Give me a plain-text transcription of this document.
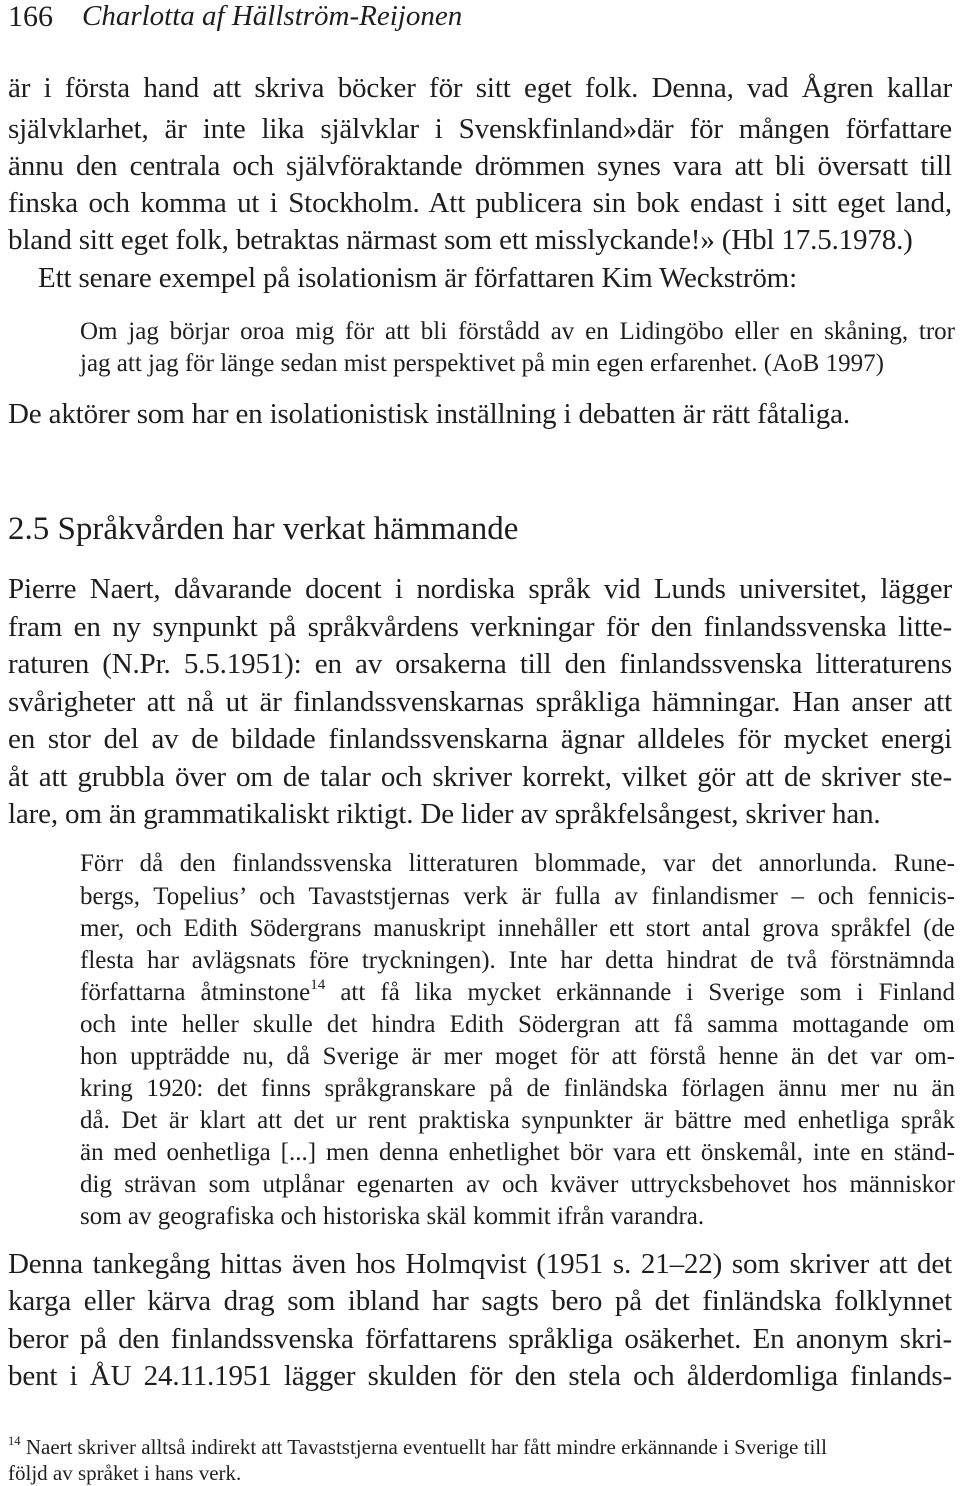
166 Charlotta af Hällström-Reijonen
är i första hand att skriva böcker för sitt eget folk. Denna, vad Ågren kallar
självklarhet, är inte lika självklar i Svenskfinland»där för mången författare
ännu den centrala och självföraktande drömmen synes vara att bli översatt till
finska och komma ut i Stockholm. Att publicera sin bok endast i sitt eget land,
bland sitt eget folk, betraktas närmast som ett misslyckande!» (Hbl 17.5.1978.)
Ett senare exempel på isolationism är författaren Kim Weckström:
Om jag börjar oroa mig för att bli förstådd av en Lidingöbo eller en skåning, tror
jag att jag för länge sedan mist perspektivet på min egen erfarenhet. (AoB 1997)
De aktörer som har en isolationistisk inställning i debatten är rätt fåtaliga.
2.5 Språkvården har verkat hämmande
Pierre Naert, dåvarande docent i nordiska språk vid Lunds universitet, lägger
fram en ny synpunkt på språkvårdens verkningar för den finlandssvenska litte-
raturen (N.Pr. 5.5.1951): en av orsakerna till den finlandssvenska litteraturens
svårigheter att nå ut är finlandssvenskarnas språkliga hämningar. Han anser att
en stor del av de bildade finlandssvenskarna ägnar alldeles för mycket energi
åt att grubbla över om de talar och skriver korrekt, vilket gör att de skriver ste-
lare, om än grammatikaliskt riktigt. De lider av språkfelsångest, skriver han.
Förr då den finlandssvenska litteraturen blommade, var det annorlunda. Rune-
bergs, Topelius’ och Tavaststjernas verk är fulla av finlandismer – och fennicis-
mer, och Edith Södergrans manuskript innehåller ett stort antal grova språkfel (de
flesta har avlägsnats före tryckningen). Inte har detta hindrat de två förstnämnda
författarna åtminstone$^{14}$ att få lika mycket erkännande i Sverige som i Finland
och inte heller skulle det hindra Edith Södergran att få samma mottagande om
hon uppträdde nu, då Sverige är mer moget för att förstå henne än det var om-
kring 1920: det finns språkgranskare på de finländska förlagen ännu mer nu än
då. Det är klart att det ur rent praktiska synpunkter är bättre med enhetliga språk
än med oenhetliga [...] men denna enhetlighet bör vara ett önskemål, inte en ständ-
dig strävan som utplånar egenarten av och kväver uttrycksbehovet hos människor
som av geografiska och historiska skäl kommit ifrån varandra.
Denna tankegång hittas även hos Holmqvist (1951 s. 21–22) som skriver att det
karga eller kärva drag som ibland har sagts bero på det finländska folklynnet
beror på den finlandssvenska författarens språkliga osäkerhet. En anonym skri-
bent i ÅU 24.11.1951 lägger skulden för den stela och ålderdomliga finlands-
$^{14}$ Naert skriver alltså indirekt att Tavaststjerna eventuellt har fått mindre erkännande i Sverige till
följd av språket i hans verk.
